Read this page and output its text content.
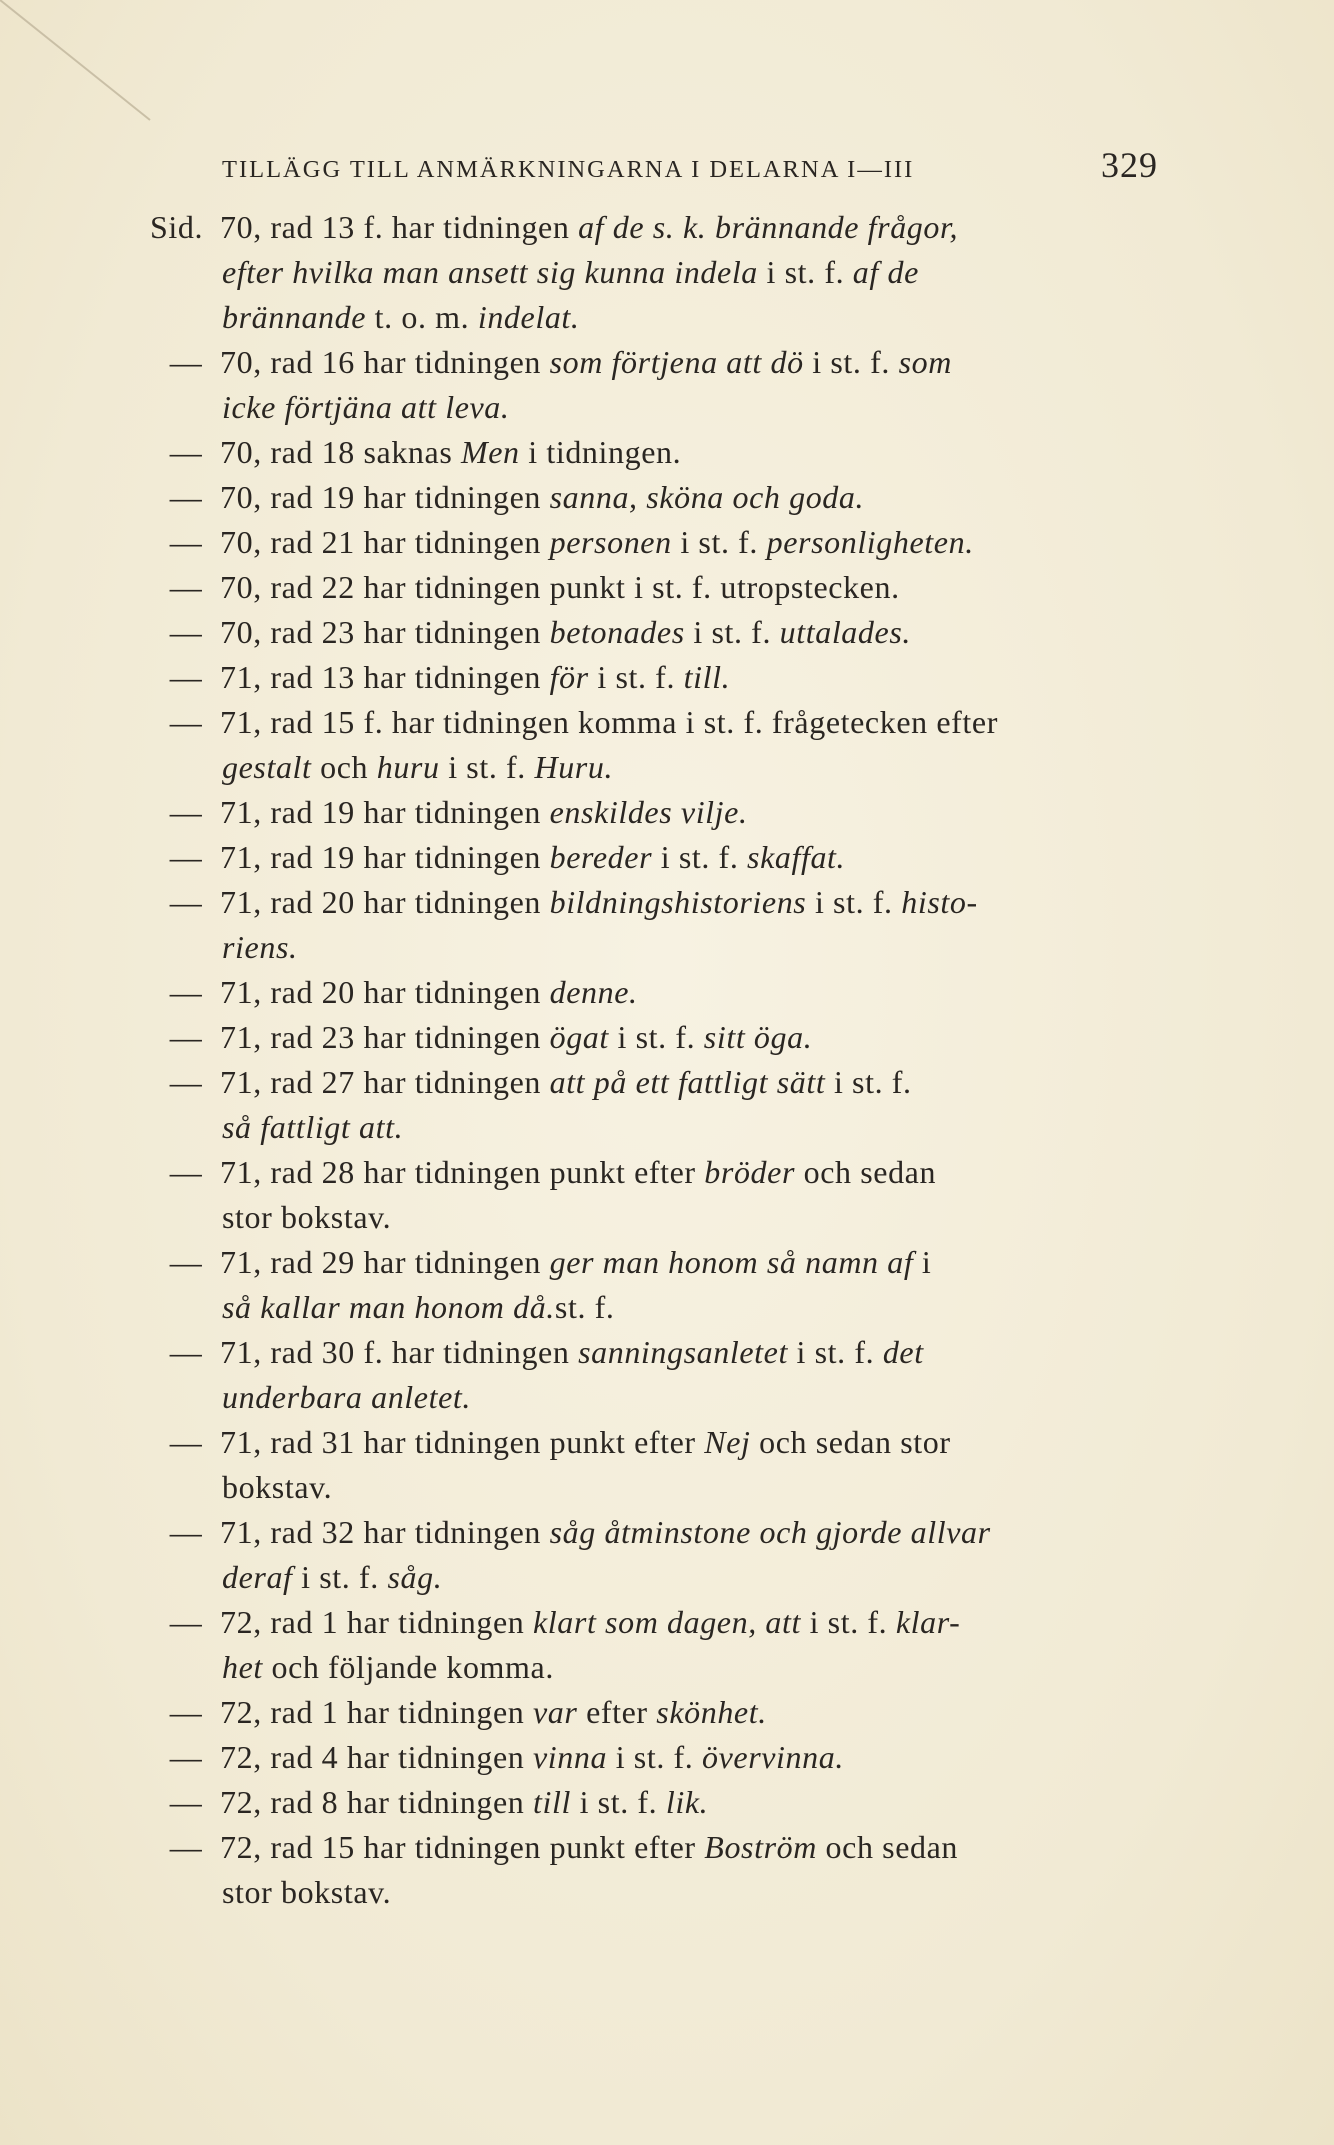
TILLÄGG TILL ANMÄRKNINGARNA I DELARNA I—III	329
Sid. 70, rad 13 f. har tidningen af de s. k. brännande frågor,
efter hvilka man ansett sig kunna indela i st. f. af de
brännande t. o. m. indelat.
— 70, rad 16 har tidningen som förtjena att dö i st. f. som
icke förtjäna att leva.
— 70, rad 18 saknas Men i tidningen.
— 70, rad 19 har tidningen sanna, sköna och goda.
— 70, rad 21 har tidningen personen i st. f. personligheten.
— 70, rad 22 har tidningen punkt i st. f. utropstecken.
— 70, rad 23 har tidningen betonades i st. f. uttalades.
— 71, rad 13 har tidningen för i st. f. till.
— 71, rad 15 f. har tidningen komma i st. f. frågetecken efter
gestalt och huru i st. f. Huru.
— 71, rad 19 har tidningen enskildes vilje.
— 71, rad 19 har tidningen bereder i st. f. skaffat.
— 71, rad 20 har tidningen bildningshistoriens i st. f. histo-
riens.
— 71, rad 20 har tidningen denne.
— 71, rad 23 har tidningen ögat i st. f. sitt öga.
— 71, rad 27 har tidningen att på ett fattligt sätt i st. f.
så fattligt att.
— 71, rad 28 har tidningen punkt efter bröder och sedan
stor bokstav.
— 71, rad 29 har tidningen ger man honom så namn af i
så kallar man honom då.st. f.
— 71, rad 30 f. har tidningen sanningsanletet i st. f. det
underbara anletet.
— 71, rad 31 har tidningen punkt efter Nej och sedan stor
bokstav.
— 71, rad 32 har tidningen såg åtminstone och gjorde allvar
deraf i st. f. såg.
— 72, rad 1 har tidningen klart som dagen, att i st. f. klar-
het och följande komma.
— 72, rad 1 har tidningen var efter skönhet.
— 72, rad 4 har tidningen vinna i st. f. övervinna.
— 72, rad 8 har tidningen till i st. f. lik.
— 72, rad 15 har tidningen punkt efter Boström och sedan
stor bokstav.
